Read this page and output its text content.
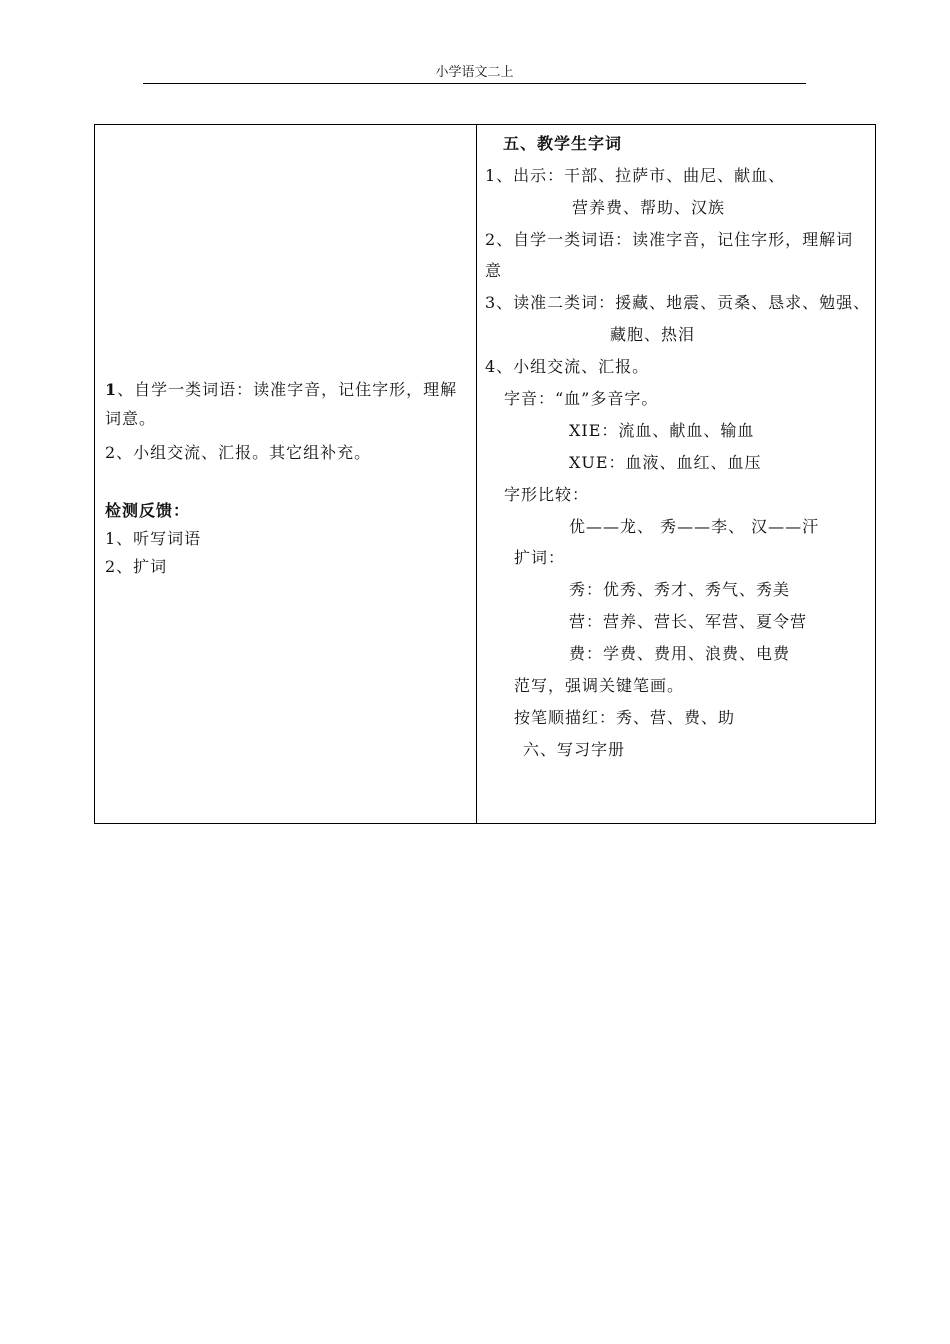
小学语文二上
1、自学一类词语：读准字音，记住字形，理解
词意。
2、小组交流、汇报。其它组补充。
检测反馈：
1、听写词语
2、扩词
五、教学生字词
1、出示：干部、拉萨市、曲尼、献血、
营养费、帮助、汉族
2、自学一类词语：读准字音，记住字形，理解词
意
3、读准二类词：援藏、地震、贡桑、恳求、勉强、
藏胞、热泪
4、小组交流、汇报。
字音：“血”多音字。
XIE：流血、献血、输血
XUE：血液、血红、血压
字形比较：
优——龙、 秀——李、 汉——汗
扩词：
秀：优秀、秀才、秀气、秀美
营：营养、营长、军营、夏令营
费：学费、费用、浪费、电费
范写，强调关键笔画。
按笔顺描红：秀、营、费、助
六、写习字册
